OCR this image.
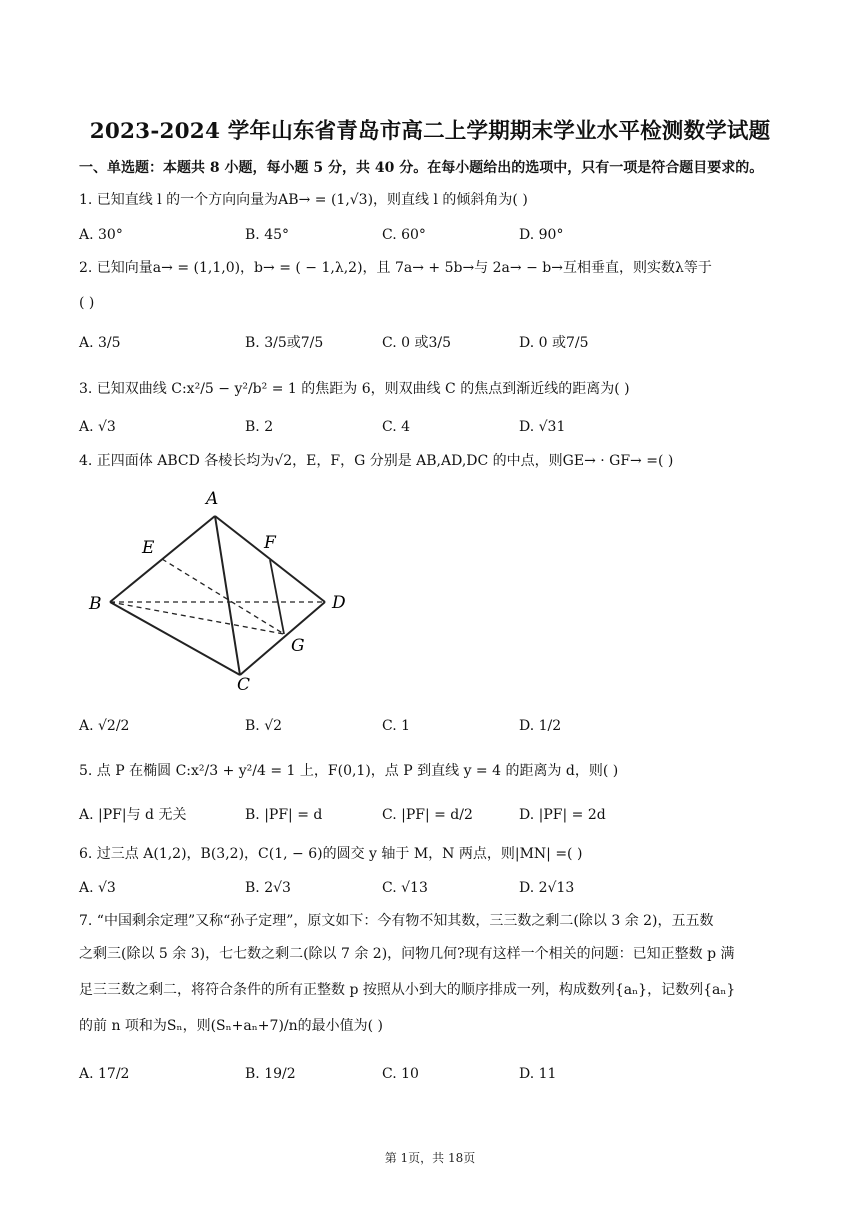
2023-2024 学年山东省青岛市高二上学期期末学业水平检测数学试题
一、单选题：本题共 8 小题，每小题 5 分，共 40 分。在每小题给出的选项中，只有一项是符合题目要求的。
1. 已知直线 l 的一个方向向量为AB→ = (1,√3)，则直线 l 的倾斜角为( )
A. 30°	B. 45°	C. 60°	D. 90°
2. 已知向量a→ = (1,1,0)，b→ = ( − 1,λ,2)，且 7a→ + 5b→与 2a→ − b→互相垂直，则实数λ等于
( )
A. 3/5	B. 3/5或7/5	C. 0 或3/5	D. 0 或7/5
3. 已知双曲线 C:x²/5 − y²/b² = 1 的焦距为 6，则双曲线 C 的焦点到渐近线的距离为( )
A. √3	B. 2	C. 4	D. √31
4. 正四面体 ABCD 各棱长均为√2，E，F，G 分别是 AB,AD,DC 的中点，则GE→ · GF→ =( )
A
B
C
D
E	F
G
A. √2/2	B. √2	C. 1	D. 1/2
5. 点 P 在椭圆 C:x²/3 + y²/4 = 1 上，F(0,1)，点 P 到直线 y = 4 的距离为 d，则( )
A. |PF|与 d 无关	B. |PF| = d	C. |PF| = d/2	D. |PF| = 2d
6. 过三点 A(1,2)，B(3,2)，C(1, − 6)的圆交 y 轴于 M，N 两点，则|MN| =( )
A. √3	B. 2√3	C. √13	D. 2√13
7. “中国剩余定理”又称“孙子定理”，原文如下：今有物不知其数，三三数之剩二(除以 3 余 2)，五五数
之剩三(除以 5 余 3)，七七数之剩二(除以 7 余 2)，问物几何?现有这样一个相关的问题：已知正整数 p 满
足三三数之剩二，将符合条件的所有正整数 p 按照从小到大的顺序排成一列，构成数列{aₙ}，记数列{aₙ}
的前 n 项和为Sₙ，则(Sₙ+aₙ+7)/n的最小值为( )
A. 17/2	B. 19/2	C. 10	D. 11
第 1页，共 18页
